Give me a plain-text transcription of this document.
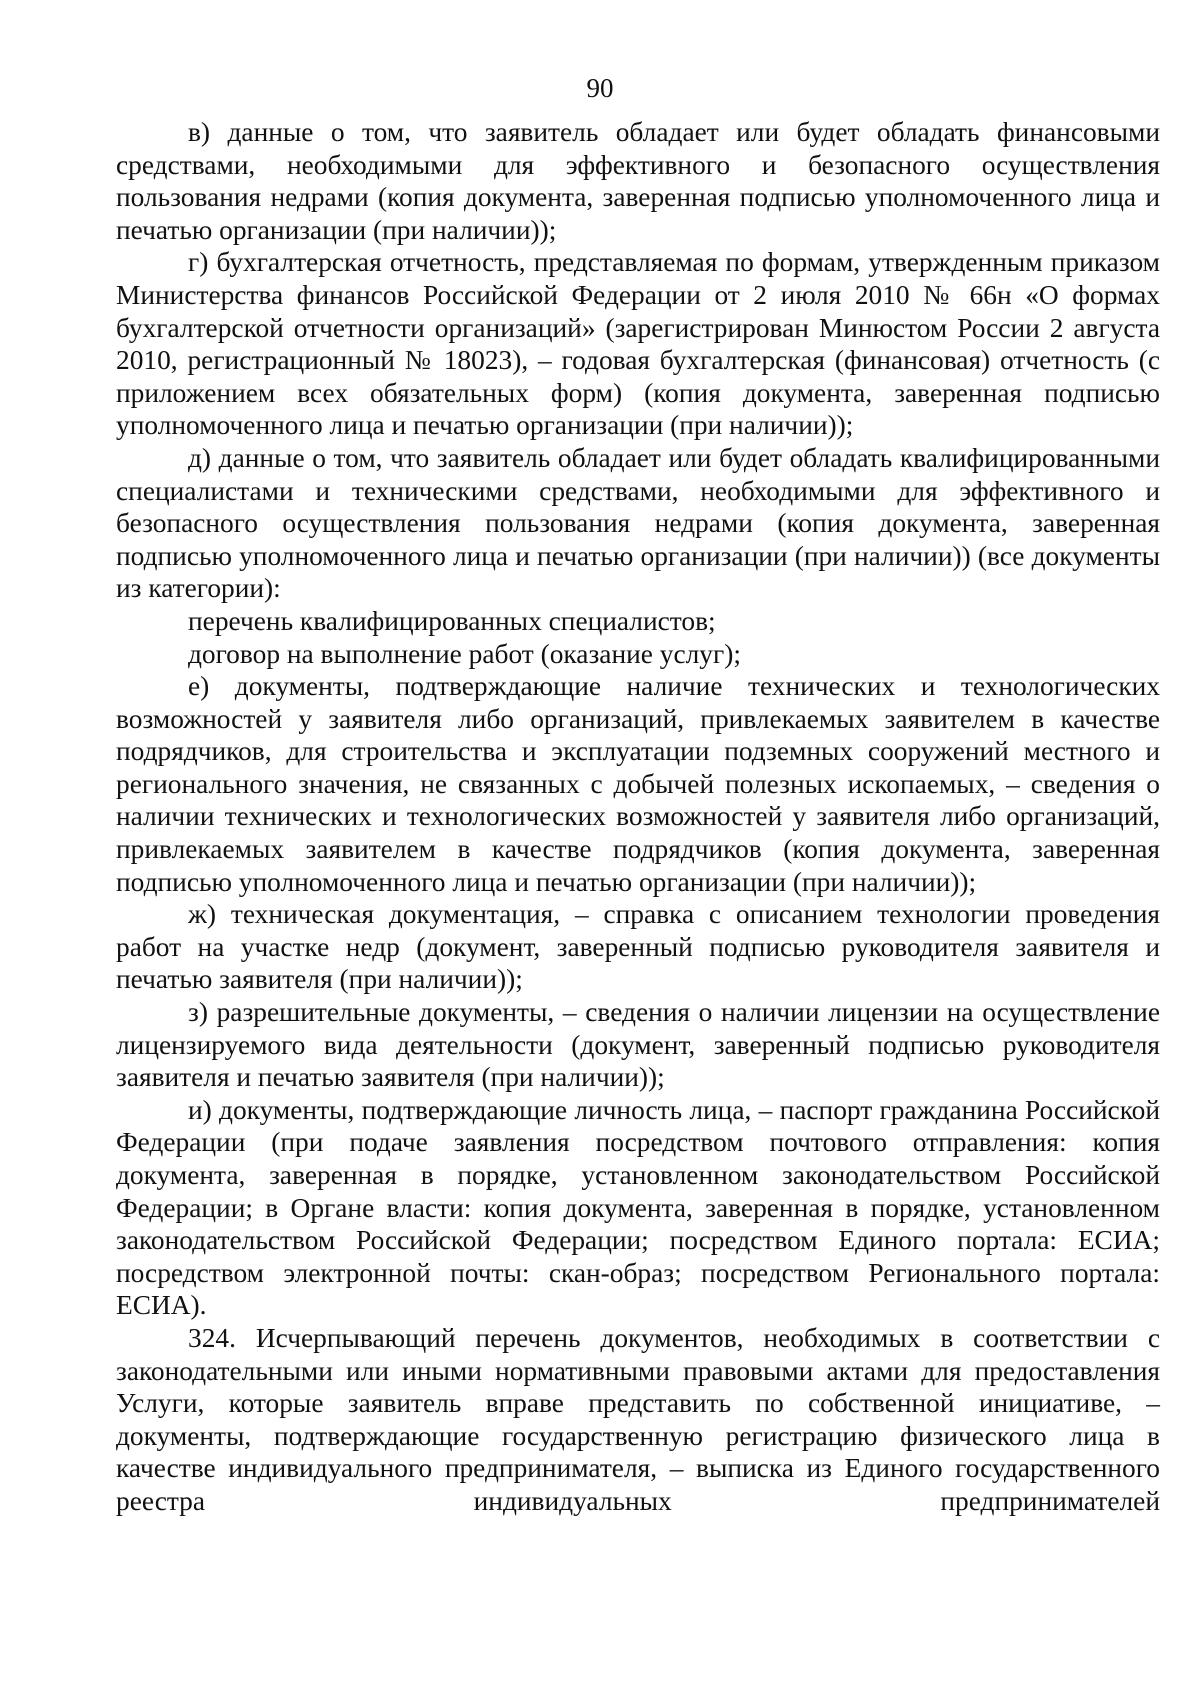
90

в) данные о том, что заявитель обладает или будет обладать финансовыми средствами, необходимыми для эффективного и безопасного осуществления пользования недрами (копия документа, заверенная подписью уполномоченного лица и печатью организации (при наличии));

г) бухгалтерская отчетность, представляемая по формам, утвержденным приказом Министерства финансов Российской Федерации от 2 июля 2010 № 66н «О формах бухгалтерской отчетности организаций» (зарегистрирован Минюстом России 2 августа 2010, регистрационный № 18023), – годовая бухгалтерская (финансовая) отчетность (с приложением всех обязательных форм) (копия документа, заверенная подписью уполномоченного лица и печатью организации (при наличии));

д) данные о том, что заявитель обладает или будет обладать квалифицированными специалистами и техническими средствами, необходимыми для эффективного и безопасного осуществления пользования недрами (копия документа, заверенная подписью уполномоченного лица и печатью организации (при наличии)) (все документы из категории):

перечень квалифицированных специалистов;

договор на выполнение работ (оказание услуг);

е) документы, подтверждающие наличие технических и технологических возможностей у заявителя либо организаций, привлекаемых заявителем в качестве подрядчиков, для строительства и эксплуатации подземных сооружений местного и регионального значения, не связанных с добычей полезных ископаемых, – сведения о наличии технических и технологических возможностей у заявителя либо организаций, привлекаемых заявителем в качестве подрядчиков (копия документа, заверенная подписью уполномоченного лица и печатью организации (при наличии));

ж) техническая документация, – справка с описанием технологии проведения работ на участке недр (документ, заверенный подписью руководителя заявителя и печатью заявителя (при наличии));

з) разрешительные документы, – сведения о наличии лицензии на осуществление лицензируемого вида деятельности (документ, заверенный подписью руководителя заявителя и печатью заявителя (при наличии));

и) документы, подтверждающие личность лица, – паспорт гражданина Российской Федерации (при подаче заявления посредством почтового отправления: копия документа, заверенная в порядке, установленном законодательством Российской Федерации; в Органе власти: копия документа, заверенная в порядке, установленном законодательством Российской Федерации; посредством Единого портала: ЕСИА; посредством электронной почты: скан-образ; посредством Регионального портала: ЕСИА).

324. Исчерпывающий перечень документов, необходимых в соответствии с законодательными или иными нормативными правовыми актами для предоставления Услуги, которые заявитель вправе представить по собственной инициативе, – документы, подтверждающие государственную регистрацию физического лица в качестве индивидуального предпринимателя, – выписка из Единого государственного реестра индивидуальных предпринимателей
